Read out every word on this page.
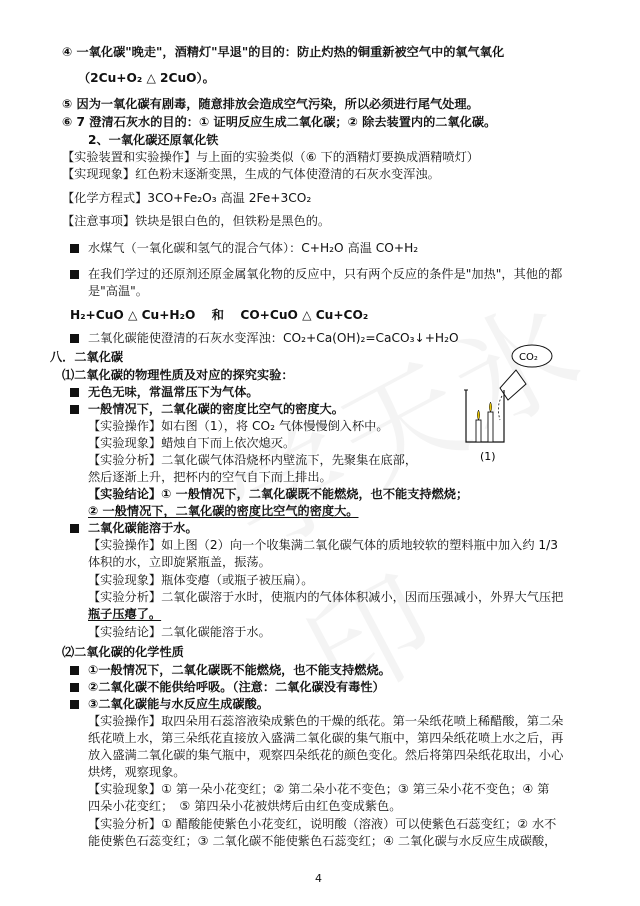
④ 一氧化碳"晚走"，酒精灯"早退"的目的：防止灼热的铜重新被空气中的氧气氧化
（2Cu+O₂ △ 2CuO）。
⑤ 因为一氧化碳有剧毒，随意排放会造成空气污染，所以必须进行尾气处理。
⑥ 7 澄清石灰水的目的：① 证明反应生成二氧化碳；② 除去装置内的二氧化碳。
2、一氧化碳还原氧化铁
【实验装置和实验操作】与上面的实验类似（⑥ 下的酒精灯要换成酒精喷灯）
【实现现象】红色粉末逐渐变黑，生成的气体使澄清的石灰水变浑浊。
【化学方程式】3CO+Fe₂O₃ 高温 2Fe+3CO₂
【注意事项】铁块是银白色的，但铁粉是黑色的。
水煤气（一氧化碳和氢气的混合气体）：C+H₂O 高温 CO+H₂
在我们学过的还原剂还原金属氧化物的反应中，只有两个反应的条件是"加热"，其他的都
是"高温"。
H₂+CuO △ Cu+H₂O　 和　 CO+CuO △ Cu+CO₂
二氧化碳能使澄清的石灰水变浑浊：CO₂+Ca(OH)₂=CaCO₃↓+H₂O
八．二氧化碳
⑴二氧化碳的物理性质及对应的探究实验：
无色无味，常温常压下为气体。
一般情况下，二氧化碳的密度比空气的密度大。
【实验操作】如右图（1），将 CO₂ 气体慢慢倒入杯中。
【实验现象】蜡烛自下而上依次熄灭。
【实验分析】二氧化碳气体沿烧杯内壁流下，先聚集在底部，
然后逐渐上升，把杯内的空气自下而上排出。
【实验结论】① 一般情况下，二氧化碳既不能燃烧，也不能支持燃烧；
② 一般情况下，二氧化碳的密度比空气的密度大。
二氧化碳能溶于水。
【实验操作】如上图（2）向一个收集满二氧化碳气体的质地较软的塑料瓶中加入约 1/3
体积的水，立即旋紧瓶盖，振荡。
【实验现象】瓶体变瘪（或瓶子被压扁）。
【实验分析】二氧化碳溶于水时，使瓶内的气体体积减小，因而压强减小，外界大气压把
瓶子压瘪了。
【实验结论】二氧化碳能溶于水。
⑵二氧化碳的化学性质
①一般情况下，二氧化碳既不能燃烧，也不能支持燃烧。
②二氧化碳不能供给呼吸。（注意：二氧化碳没有毒性）
③二氧化碳能与水反应生成碳酸。
【实验操作】取四朵用石蕊溶液染成紫色的干燥的纸花。第一朵纸花喷上稀醋酸，第二朵
纸花喷上水，第三朵纸花直接放入盛满二氧化碳的集气瓶中，第四朵纸花喷上水之后，再
放入盛满二氧化碳的集气瓶中，观察四朵纸花的颜色变化。然后将第四朵纸花取出，小心
烘烤，观察现象。
【实验现象】① 第一朵小花变红；② 第二朵小花不变色；③ 第三朵小花不变色；④ 第
四朵小花变红；　⑤ 第四朵小花被烘烤后由红色变成紫色。
【实验分析】① 醋酸能使紫色小花变红，说明酸（溶液）可以使紫色石蕊变红；② 水不
能使紫色石蕊变红；③ 二氧化碳不能使紫色石蕊变红；④ 二氧化碳与水反应生成碳酸，
CO₂
(1)
4
